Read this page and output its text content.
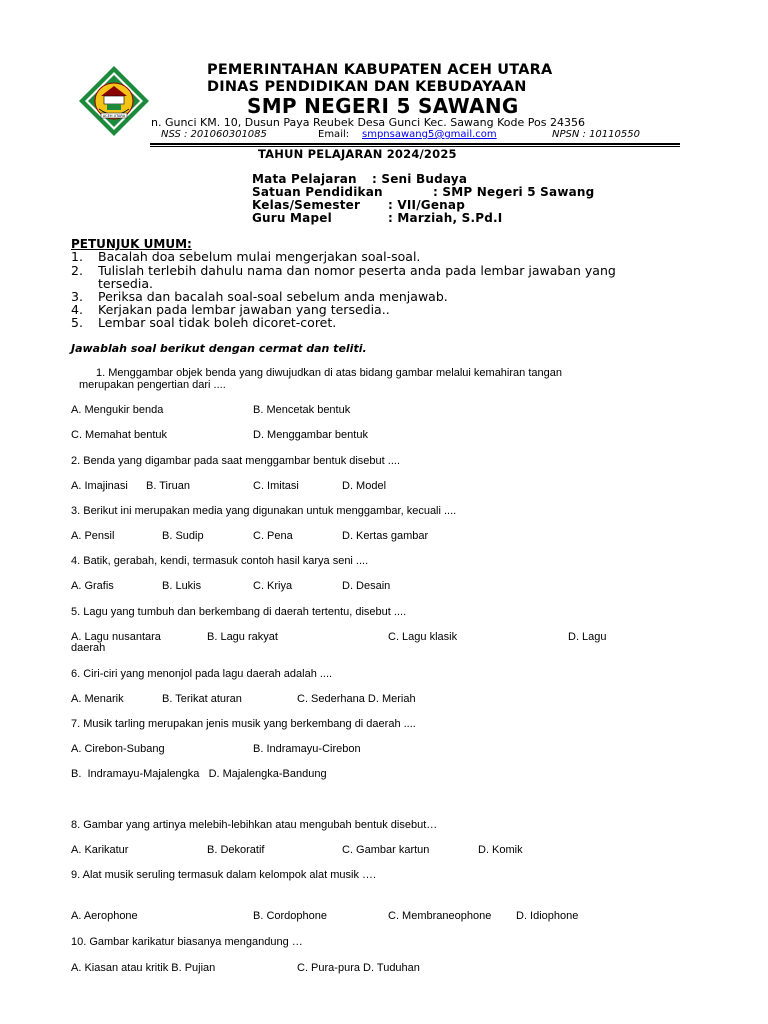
ACEH UTARA
PEMERINTAHAN KABUPATEN ACEH UTARA
DINAS PENDIDIKAN DAN KEBUDAYAAN
SMP NEGERI 5 SAWANG
n. Gunci KM. 10, Dusun Paya Reubek Desa Gunci Kec. Sawang Kode Pos 24356
NSS : 201060301085	Email: smpnsawang5@gmail.com	NPSN : 10110550
TAHUN PELAJARAN 2024/2025
Mata Pelajaran : Seni Budaya
Satuan Pendidikan	: SMP Negeri 5 Sawang
Kelas/Semester : VII/Genap
Guru Mapel	: Marziah, S.Pd.I
PETUNJUK UMUM:
1. Bacalah doa sebelum mulai mengerjakan soal-soal.
2. Tulislah terlebih dahulu nama dan nomor peserta anda pada lembar jawaban yang
tersedia.
3. Periksa dan bacalah soal-soal sebelum anda menjawab.
4. Kerjakan pada lembar jawaban yang tersedia..
5. Lembar soal tidak boleh dicoret-coret.
Jawablah soal berikut dengan cermat dan teliti.
1. Menggambar objek benda yang diwujudkan di atas bidang gambar melalui kemahiran tangan
merupakan pengertian dari ....
A. Mengukir benda	B. Mencetak bentuk
C. Memahat bentuk	D. Menggambar bentuk
2. Benda yang digambar pada saat menggambar bentuk disebut ....
A. Imajinasi B. Tiruan	C. Imitasi	D. Model
3. Berikut ini merupakan media yang digunakan untuk menggambar, kecuali ....
A. Pensil	B. Sudip	C. Pena	D. Kertas gambar
4. Batik, gerabah, kendi, termasuk contoh hasil karya seni ....
A. Grafis	B. Lukis	C. Kriya	D. Desain
5. Lagu yang tumbuh dan berkembang di daerah tertentu, disebut ....
A. Lagu nusantara	B. Lagu rakyat	C. Lagu klasik	D. Lagu
daerah
6. Ciri-ciri yang menonjol pada lagu daerah adalah ....
A. Menarik	B. Terikat aturan	C. Sederhana D. Meriah
7. Musik tarling merupakan jenis musik yang berkembang di daerah ....
A. Cirebon-Subang	B. Indramayu-Cirebon
B.  Indramayu-Majalengka   D. Majalengka-Bandung
8. Gambar yang artinya melebih-lebihkan atau mengubah bentuk disebut…
A. Karikatur	B. Dekoratif	C. Gambar kartun	D. Komik
9. Alat musik seruling termasuk dalam kelompok alat musik ….
A. Aerophone	B. Cordophone	C. Membraneophone D. Idiophone
10. Gambar karikatur biasanya mengandung …
A. Kiasan atau kritik B. Pujian	C. Pura-pura D. Tuduhan
